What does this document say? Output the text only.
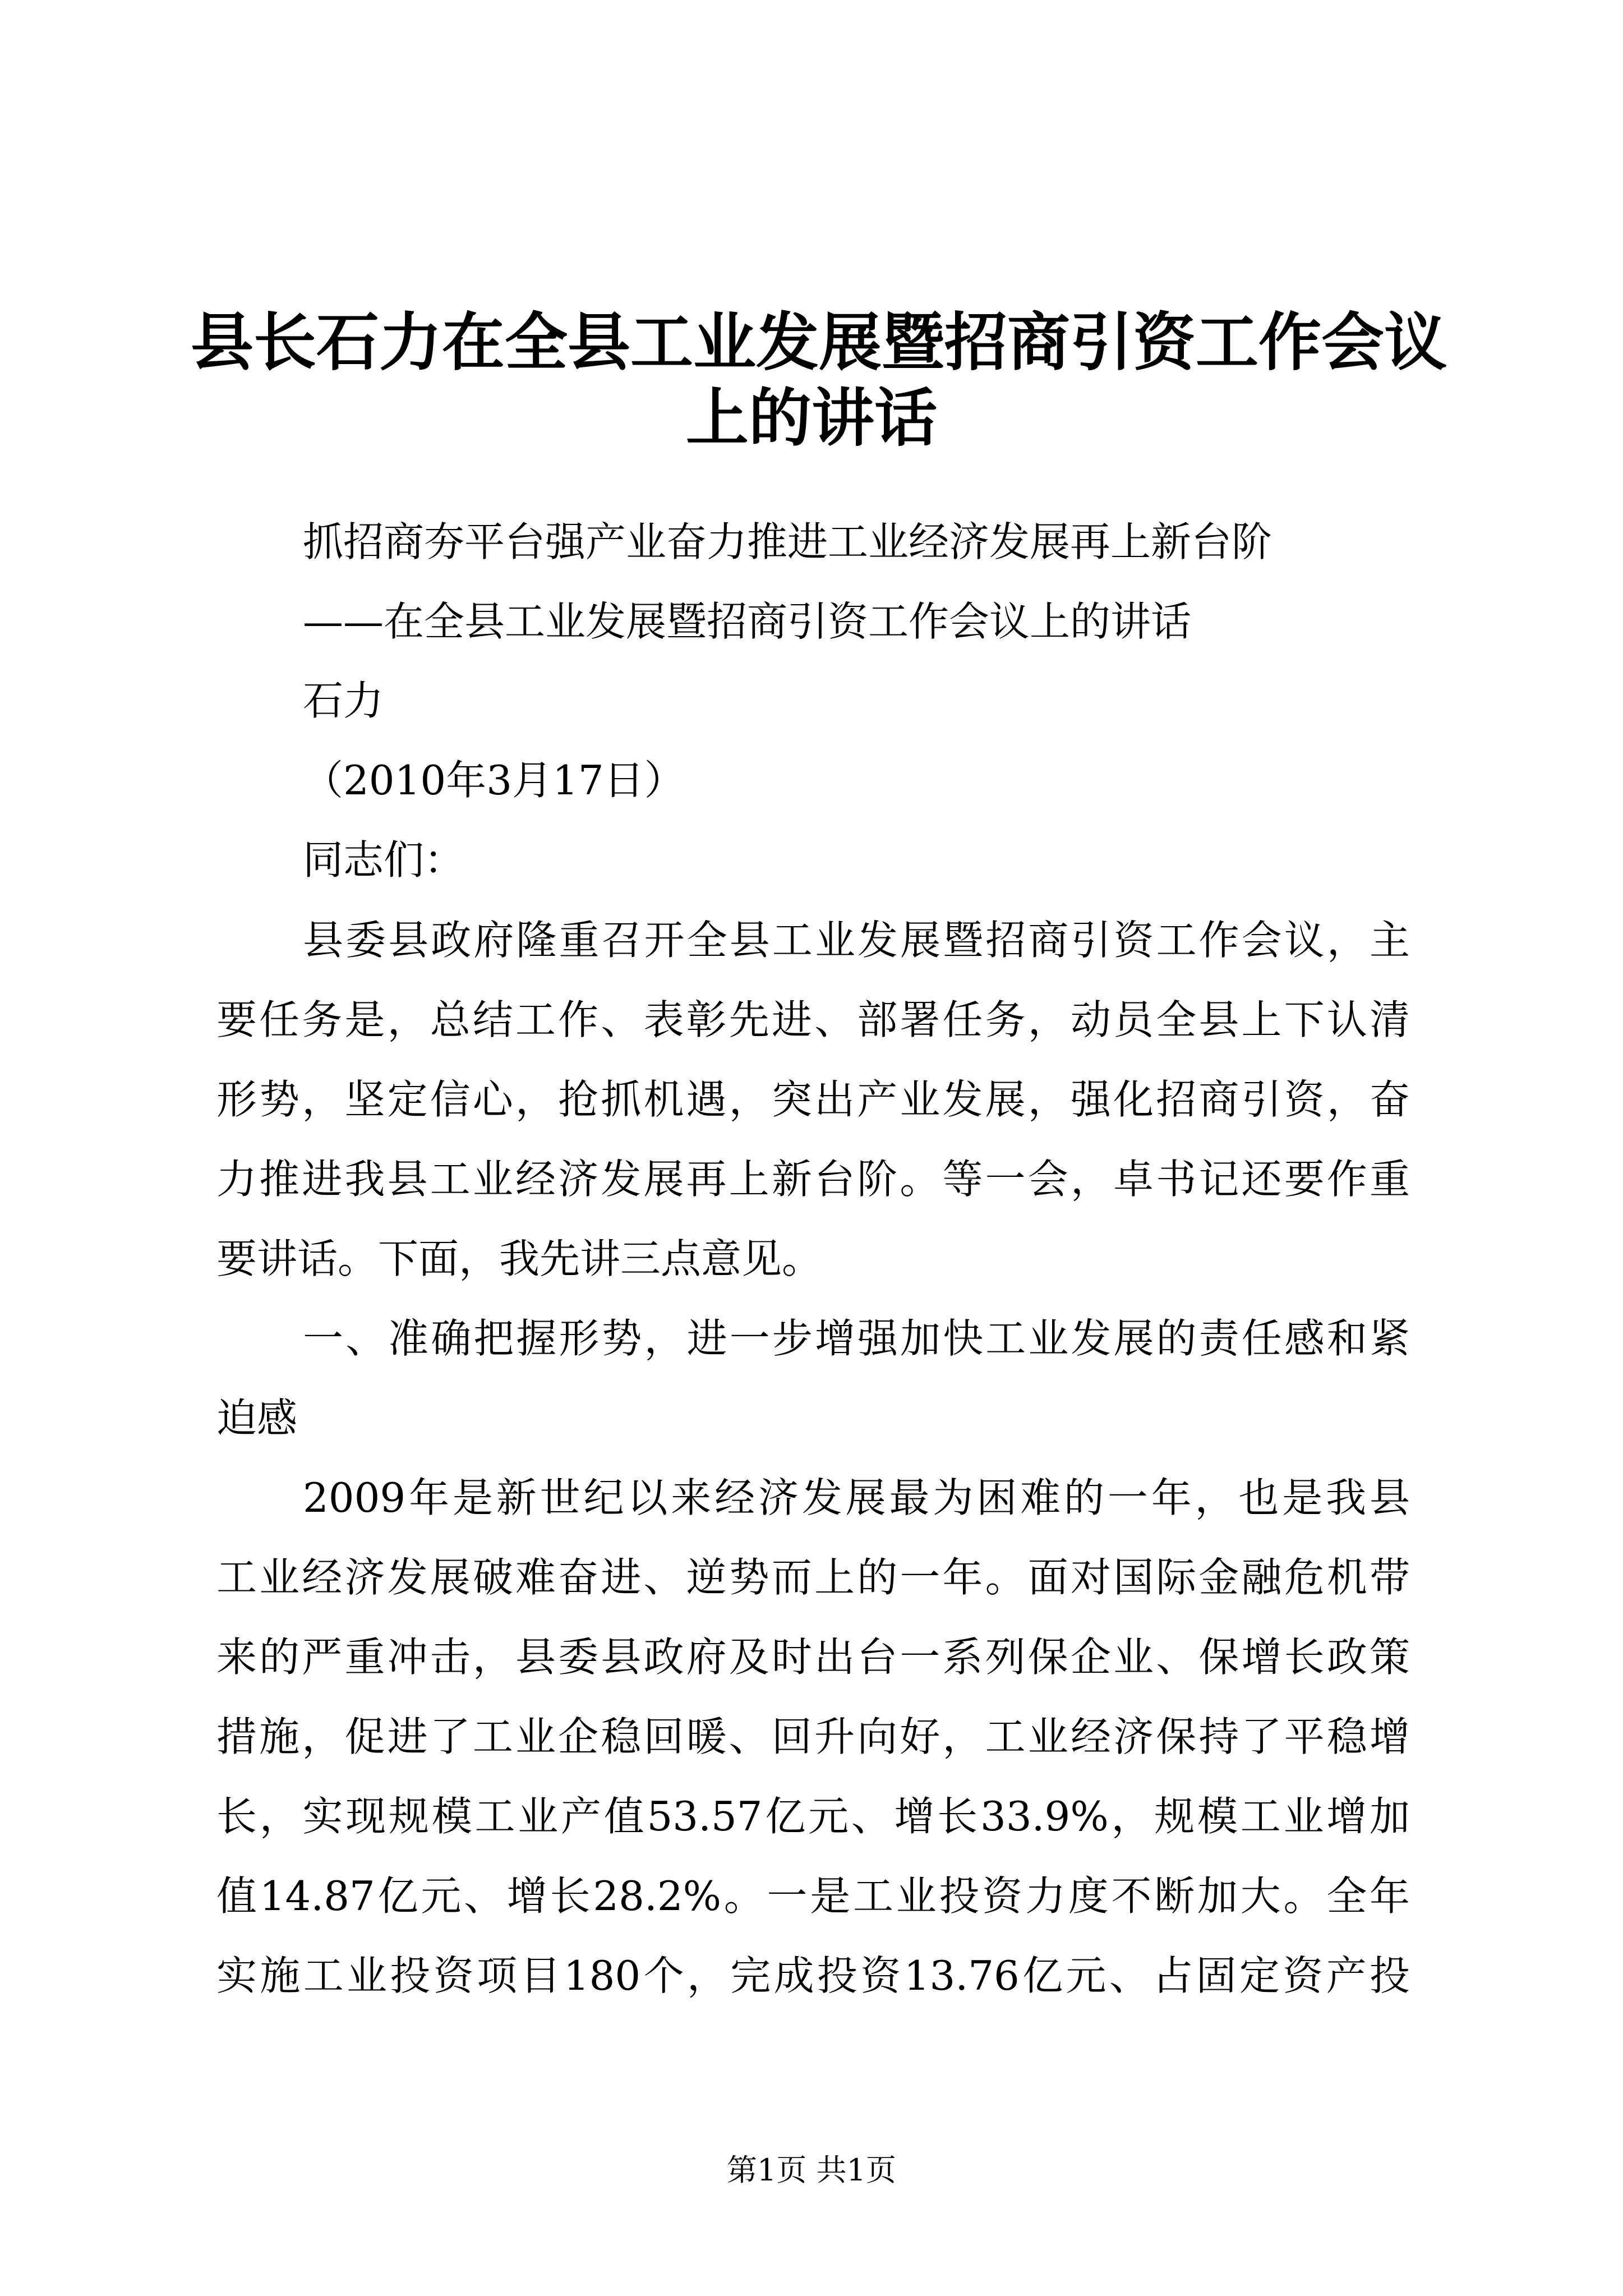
县长石力在全县工业发展暨招商引资工作会议
上的讲话
抓招商夯平台强产业奋力推进工业经济发展再上新台阶
——在全县工业发展暨招商引资工作会议上的讲话
石力
（2010年3月17日）
同志们：
县委县政府隆重召开全县工业发展暨招商引资工作会议，主
要任务是，总结工作、表彰先进、部署任务，动员全县上下认清
形势，坚定信心，抢抓机遇，突出产业发展，强化招商引资，奋
力推进我县工业经济发展再上新台阶。等一会，卓书记还要作重
要讲话。下面，我先讲三点意见。
一、准确把握形势，进一步增强加快工业发展的责任感和紧
迫感
2009年是新世纪以来经济发展最为困难的一年，也是我县
工业经济发展破难奋进、逆势而上的一年。面对国际金融危机带
来的严重冲击，县委县政府及时出台一系列保企业、保增长政策
措施，促进了工业企稳回暖、回升向好，工业经济保持了平稳增
长，实现规模工业产值53.57亿元、增长33.9%，规模工业增加
值14.87亿元、增长28.2%。一是工业投资力度不断加大。全年
实施工业投资项目180个，完成投资13.76亿元、占固定资产投
第1页 共1页
